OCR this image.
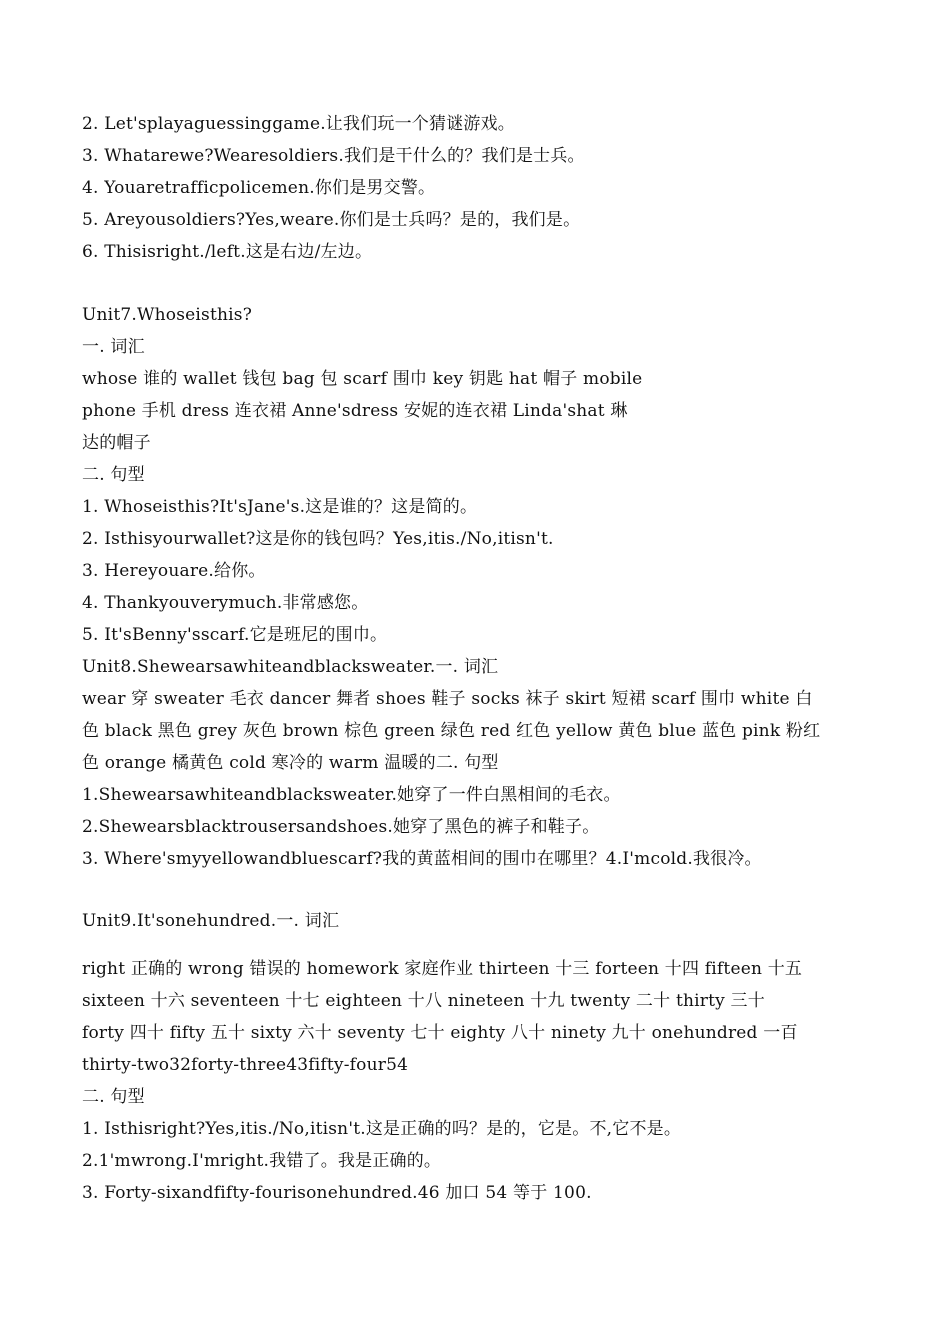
2. Let'splayaguessinggame.让我们玩一个猜谜游戏。
3. Whatarewe?Wearesoldiers.我们是干什么的？我们是士兵。
4. Youaretrafficpolicemen.你们是男交警。
5. Areyousoldiers?Yes,weare.你们是士兵吗？是的，我们是。
6. Thisisright./left.这是右边/左边。
Unit7.Whoseisthis?
一. 词汇
whose 谁的 wallet 钱包 bag 包 scarf 围巾 key 钥匙 hat 帽子 mobile
phone 手机 dress 连衣裙 Anne'sdress 安妮的连衣裙 Linda'shat 琳
达的帽子
二. 句型
1. Whoseisthis?It'sJane's.这是谁的？这是简的。
2. Isthisyourwallet?这是你的钱包吗？Yes,itis./No,itisn't.
3. Hereyouare.给你。
4. Thankyouverymuch.非常感您。
5. It'sBenny'sscarf.它是班尼的围巾。
Unit8.Shewearsawhiteandblacksweater.一. 词汇
wear 穿 sweater 毛衣 dancer 舞者 shoes 鞋子 socks 袜子 skirt 短裙 scarf 围巾 white 白
色 black 黑色 grey 灰色 brown 棕色 green 绿色 red 红色 yellow 黄色 blue 蓝色 pink 粉红
色 orange 橘黄色 cold 寒冷的 warm 温暖的二. 句型
1.Shewearsawhiteandblacksweater.她穿了一件白黑相间的毛衣。
2.Shewearsblacktrousersandshoes.她穿了黑色的裤子和鞋子。
3. Where'smyyellowandbluescarf?我的黄蓝相间的围巾在哪里？4.I'mcold.我很冷。
Unit9.It'sonehundred.一. 词汇
right 正确的 wrong 错误的 homework 家庭作业 thirteen 十三 forteen 十四 fifteen 十五
sixteen 十六 seventeen 十七 eighteen 十八 nineteen 十九 twenty 二十 thirty 三十
forty 四十 fifty 五十 sixty 六十 seventy 七十 eighty 八十 ninety 九十 onehundred 一百
thirty-two32forty-three43fifty-four54
二. 句型
1. Isthisright?Yes,itis./No,itisn't.这是正确的吗？是的，它是。不,它不是。
2.1'mwrong.I'mright.我错了。我是正确的。
3. Forty-sixandfifty-fourisonehundred.46 加口 54 等于 100.
